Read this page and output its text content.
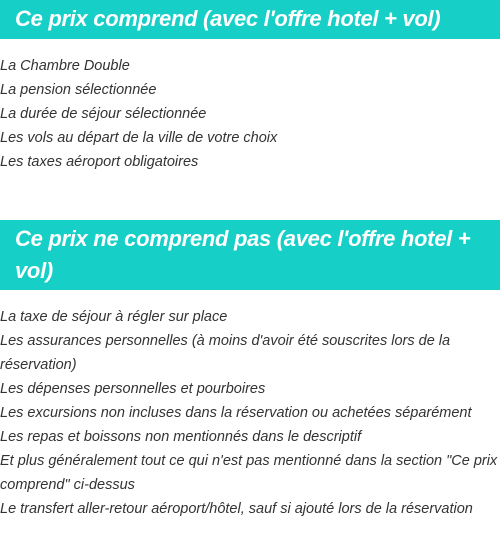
Ce prix comprend (avec l'offre hotel + vol)
La Chambre Double
La pension sélectionnée
La durée de séjour sélectionnée
Les vols au départ de la ville de votre choix
Les taxes aéroport obligatoires
Ce prix ne comprend pas (avec l'offre hotel + vol)
La taxe de séjour à régler sur place
Les assurances personnelles (à moins d'avoir été souscrites lors de la réservation)
Les dépenses personnelles et pourboires
Les excursions non incluses dans la réservation ou achetées séparément
Les repas et boissons non mentionnés dans le descriptif
Et plus généralement tout ce qui n'est pas mentionné dans la section "Ce prix comprend" ci-dessus
Le transfert aller-retour aéroport/hôtel, sauf si ajouté lors de la réservation
